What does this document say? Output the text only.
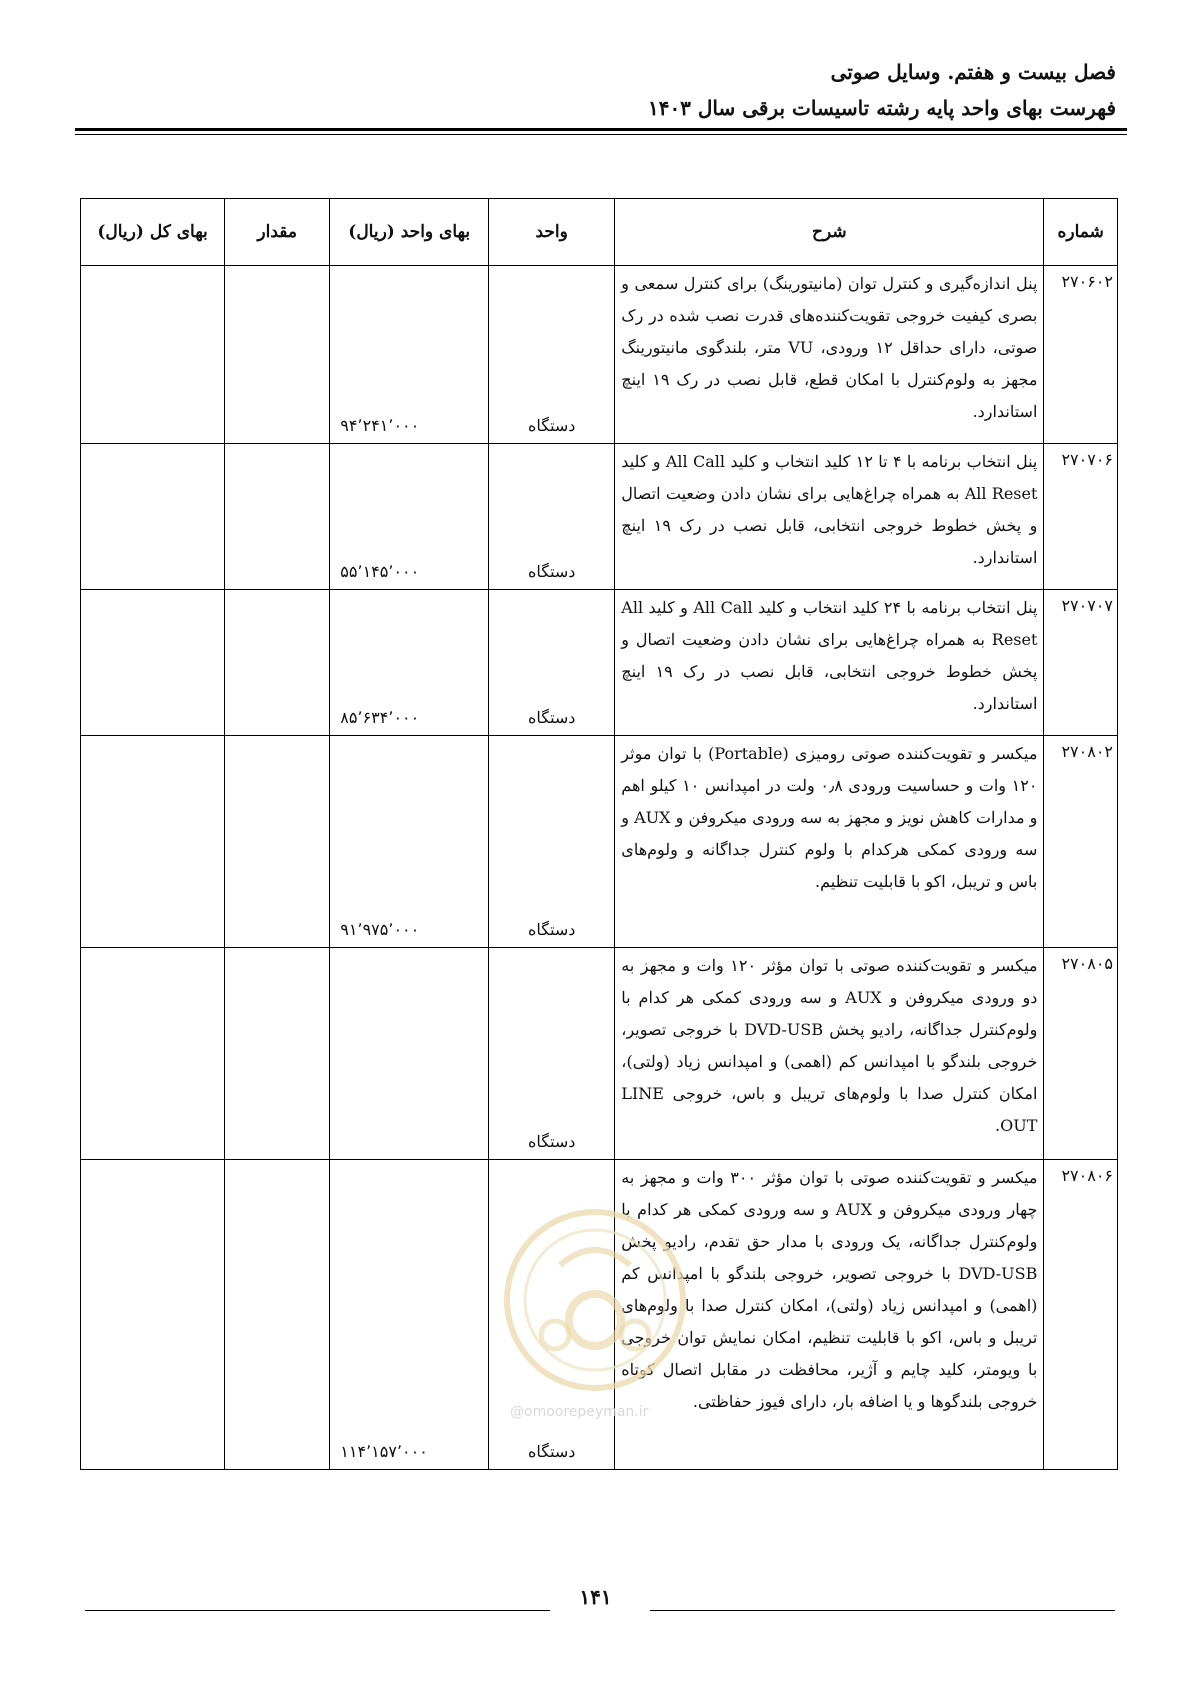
فصل بیست و هفتم. وسایل صوتی
فهرست بهای واحد پایه رشته تاسیسات برقی سال ۱۴۰۳
شماره	شرح	واحد	بهای واحد (ریال)	مقدار	بهای کل (ریال)
۲۷۰۶۰۲	پنل اندازه‌گیری و کنترل توان (مانیتورینگ) برای کنترل سمعی و بصری کیفیت خروجی تقویت‌کننده‌های قدرت نصب شده در رک صوتی، دارای حداقل ۱۲ ورودی، VU متر، بلندگوی مانیتورینگ مجهز به ولوم‌کنترل با امکان قطع، قابل نصب در رک ۱۹ اینچ استاندارد.	دستگاه	۹۴٬۲۴۱٬۰۰۰		
۲۷۰۷۰۶	پنل انتخاب برنامه با ۴ تا ۱۲ کلید انتخاب و کلید All Call و کلید All Reset به همراه چراغ‌هایی برای نشان دادن وضعیت اتصال و پخش خطوط خروجی انتخابی، قابل نصب در رک ۱۹ اینچ استاندارد.	دستگاه	۵۵٬۱۴۵٬۰۰۰		
۲۷۰۷۰۷	پنل انتخاب برنامه با ۲۴ کلید انتخاب و کلید All Call و کلید All Reset به همراه چراغ‌هایی برای نشان دادن وضعیت اتصال و پخش خطوط خروجی انتخابی، قابل نصب در رک ۱۹ اینچ استاندارد.	دستگاه	۸۵٬۶۳۴٬۰۰۰		
۲۷۰۸۰۲	میکسر و تقویت‌کننده صوتی رومیزی (Portable) با توان موثر ۱۲۰ وات و حساسیت ورودی ۰٫۸ ولت در امپدانس ۱۰ کیلو اهم و مدارات کاهش نویز و مجهز به سه ورودی میکروفن و AUX و سه ورودی کمکی هرکدام با ولوم کنترل جداگانه و ولوم‌های باس و تریبل، اکو با قابلیت تنظیم.	دستگاه	۹۱٬۹۷۵٬۰۰۰		
۲۷۰۸۰۵	میکسر و تقویت‌کننده صوتی با توان مؤثر ۱۲۰ وات و مجهز به دو ورودی میکروفن و AUX و سه ورودی کمکی هر کدام با ولوم‌کنترل جداگانه، رادیو پخش DVD-USB با خروجی تصویر، خروجی بلندگو با امپدانس کم (اهمی) و امپدانس زیاد (ولتی)، امکان کنترل صدا با ولوم‌های تریبل و باس، خروجی LINE OUT.	دستگاه			
۲۷۰۸۰۶	میکسر و تقویت‌کننده صوتی با توان مؤثر ۳۰۰ وات و مجهز به چهار ورودی میکروفن و AUX و سه ورودی کمکی هر کدام با ولوم‌کنترل جداگانه، یک ورودی با مدار حق تقدم، رادیو پخش DVD-USB با خروجی تصویر، خروجی بلندگو با امپدانس کم (اهمی) و امپدانس زیاد (ولتی)، امکان کنترل صدا با ولوم‌های تریبل و باس، اکو با قابلیت تنظیم، امکان نمایش توان خروجی با ویومتر، کلید چایم و آژیر، محافظت در مقابل اتصال کوتاه خروجی بلندگوها و یا اضافه بار، دارای فیوز حفاظتی.	دستگاه	۱۱۴٬۱۵۷٬۰۰۰		
@omoorepeyman.ir
۱۴۱
